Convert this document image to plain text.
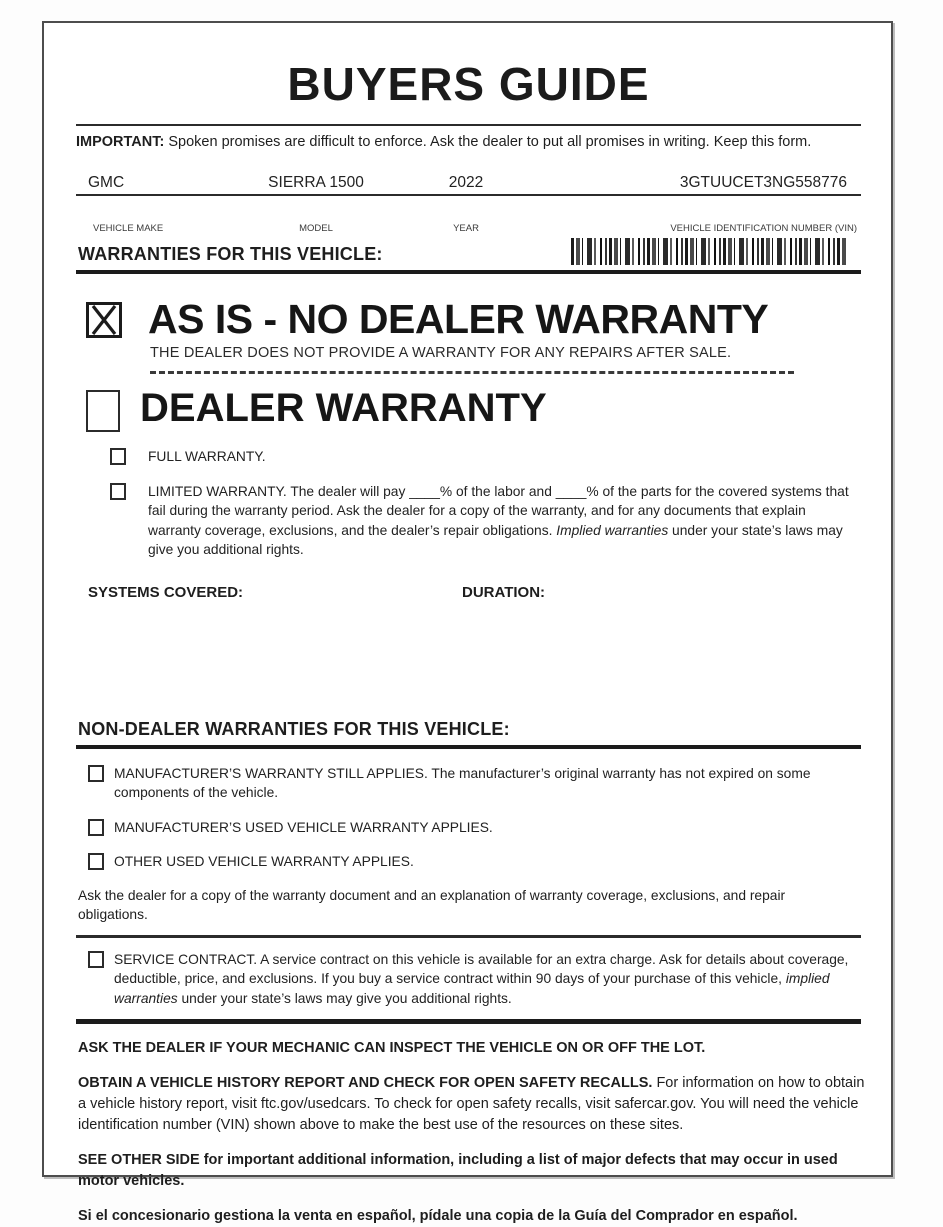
BUYERS GUIDE

IMPORTANT: Spoken promises are difficult to enforce. Ask the dealer to put all promises in writing. Keep this form.

GMC	SIERRA 1500	2022	3GTUUCET3NG558776
VEHICLE MAKE	MODEL	YEAR	VEHICLE IDENTIFICATION NUMBER (VIN)
WARRANTIES FOR THIS VEHICLE:
AS IS - NO DEALER WARRANTY
THE DEALER DOES NOT PROVIDE A WARRANTY FOR ANY REPAIRS AFTER SALE.
DEALER WARRANTY
FULL WARRANTY.
LIMITED WARRANTY. The dealer will pay ____% of the labor and ____% of the parts for the covered systems that fail during the warranty period. Ask the dealer for a copy of the warranty, and for any documents that explain warranty coverage, exclusions, and the dealer’s repair obligations. Implied warranties under your state’s laws may give you additional rights.
SYSTEMS COVERED:	DURATION:
NON-DEALER WARRANTIES FOR THIS VEHICLE:
MANUFACTURER’S WARRANTY STILL APPLIES. The manufacturer’s original warranty has not expired on some components of the vehicle.
MANUFACTURER’S USED VEHICLE WARRANTY APPLIES.
OTHER USED VEHICLE WARRANTY APPLIES.

Ask the dealer for a copy of the warranty document and an explanation of warranty coverage, exclusions, and repair obligations.

SERVICE CONTRACT. A service contract on this vehicle is available for an extra charge. Ask for details about coverage, deductible, price, and exclusions. If you buy a service contract within 90 days of your purchase of this vehicle, implied warranties under your state’s laws may give you additional rights.

ASK THE DEALER IF YOUR MECHANIC CAN INSPECT THE VEHICLE ON OR OFF THE LOT.

OBTAIN A VEHICLE HISTORY REPORT AND CHECK FOR OPEN SAFETY RECALLS. For information on how to obtain a vehicle history report, visit ftc.gov/usedcars. To check for open safety recalls, visit safercar.gov. You will need the vehicle identification number (VIN) shown above to make the best use of the resources on these sites.

SEE OTHER SIDE for important additional information, including a list of major defects that may occur in used motor vehicles.

Si el concesionario gestiona la venta en español, pídale una copia de la Guía del Comprador en español.
